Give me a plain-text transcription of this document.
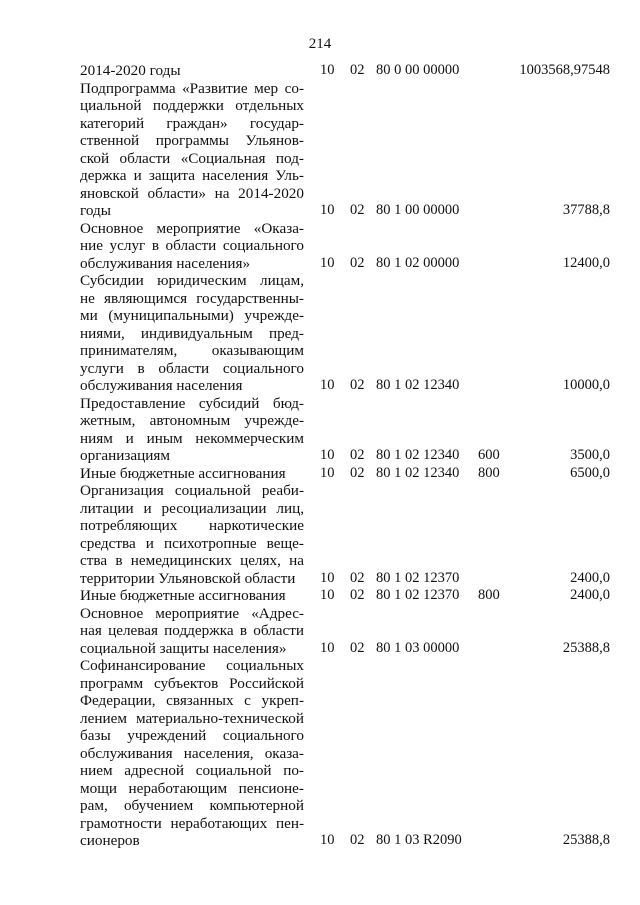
214
2014-2020 годы	10 02 80 0 00 00000	1003568,97548
Подпрограмма «Развитие мер со-
циальной поддержки отдельных
категорий граждан» государ-
ственной программы Ульянов-
ской области «Социальная под-
держка и защита населения Уль-
яновской области» на 2014-2020
годы	10 02 80 1 00 00000	37788,8
Основное мероприятие «Оказа-
ние услуг в области социального
обслуживания населения»	10 02 80 1 02 00000	12400,0
Субсидии юридическим лицам,
не являющимся государственны-
ми (муниципальными) учрежде-
ниями, индивидуальным пред-
принимателям, оказывающим
услуги в области социального
обслуживания населения	10 02 80 1 02 12340	10000,0
Предоставление субсидий бюд-
жетным, автономным учрежде-
ниям и иным некоммерческим
организациям	10 02 80 1 02 12340 600	3500,0
Иные бюджетные ассигнования	10 02 80 1 02 12340 800	6500,0
Организация социальной реаби-
литации и ресоциализации лиц,
потребляющих наркотические
средства и психотропные веще-
ства в немедицинских целях, на
территории Ульяновской области	10 02 80 1 02 12370	2400,0
Иные бюджетные ассигнования	10 02 80 1 02 12370 800	2400,0
Основное мероприятие «Адрес-
ная целевая поддержка в области
социальной защиты населения»	10 02 80 1 03 00000	25388,8
Софинансирование социальных
программ субъектов Российской
Федерации, связанных с укреп-
лением материально-технической
базы учреждений социального
обслуживания населения, оказа-
нием адресной социальной по-
мощи неработающим пенсионе-
рам, обучением компьютерной
грамотности неработающих пен-
сионеров	10 02 80 1 03 R2090	25388,8
